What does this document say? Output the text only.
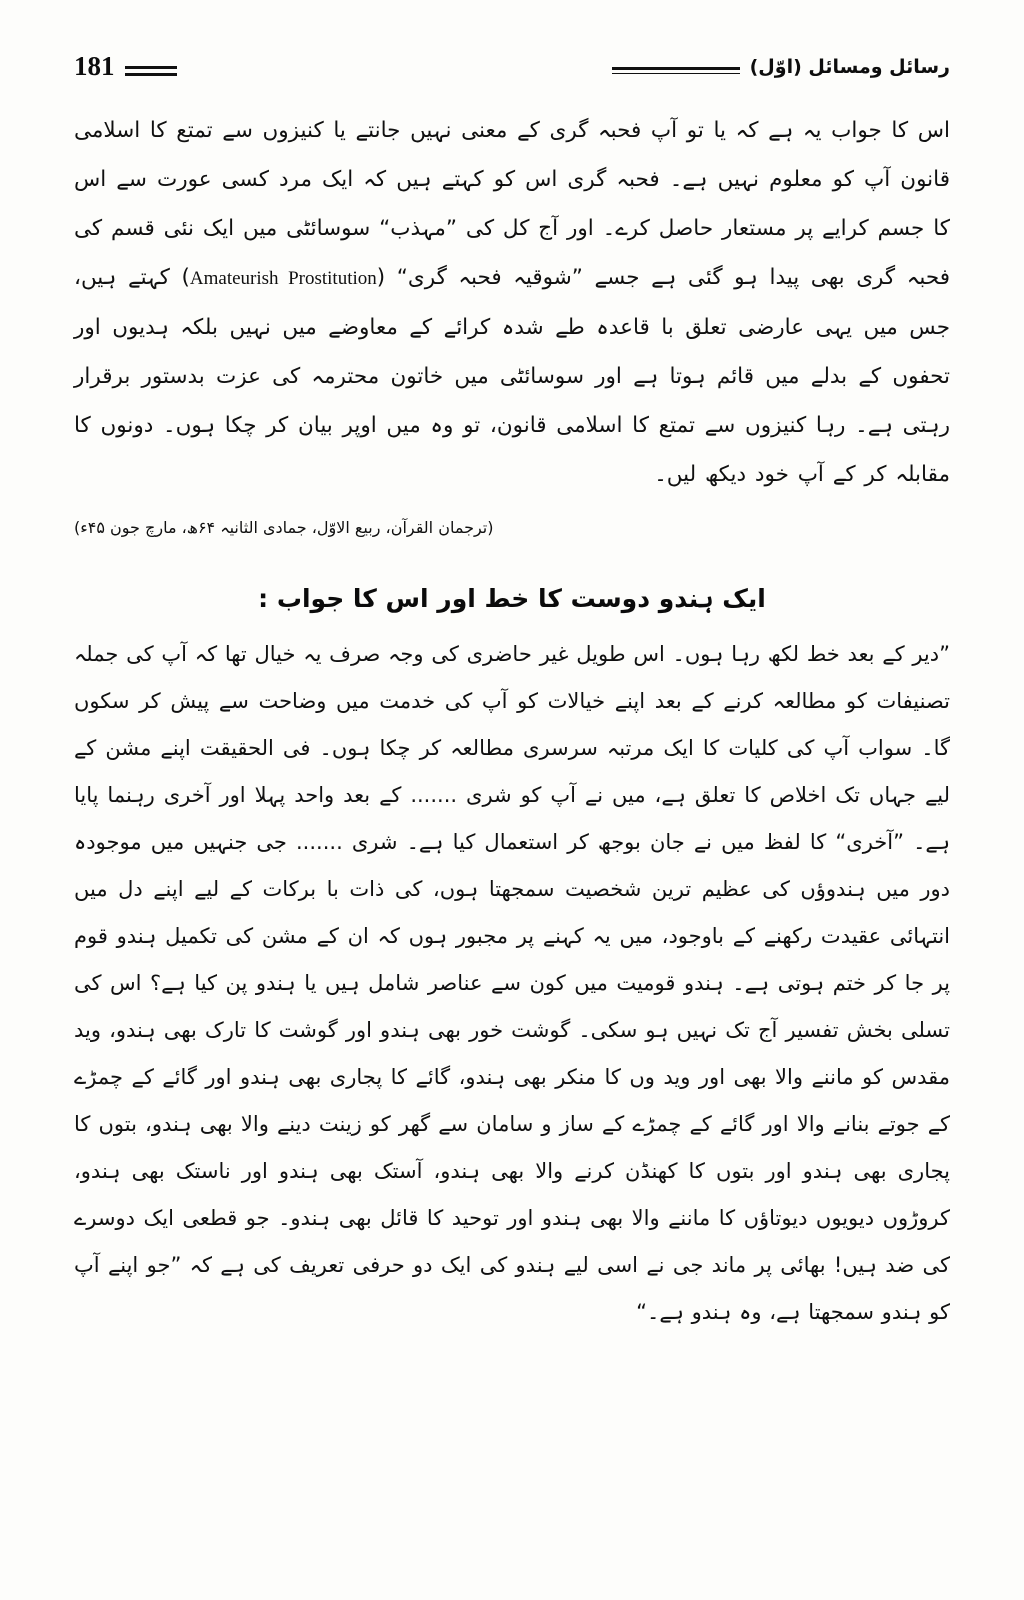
رسائل ومسائل (اوّل)
181

اس کا جواب یہ ہے کہ یا تو آپ فحبہ گری کے معنی نہیں جانتے یا کنیزوں سے تمتع کا اسلامی قانون آپ کو معلوم نہیں ہے۔ فحبہ گری اس کو کہتے ہیں کہ ایک مرد کسی عورت سے اس کا جسم کرایے پر مستعار حاصل کرے۔ اور آج کل کی ”مہذب“ سوسائٹی میں ایک نئی قسم کی فحبہ گری بھی پیدا ہو گئی ہے جسے ”شوقیہ فحبہ گری“ (Amateurish Prostitution) کہتے ہیں، جس میں یہی عارضی تعلق با قاعدہ طے شدہ کرائے کے معاوضے میں نہیں بلکہ ہدیوں اور تحفوں کے بدلے میں قائم ہوتا ہے اور سوسائٹی میں خاتون محترمہ کی عزت بدستور برقرار رہتی ہے۔ رہا کنیزوں سے تمتع کا اسلامی قانون، تو وہ میں اوپر بیان کر چکا ہوں۔ دونوں کا مقابلہ کر کے آپ خود دیکھ لیں۔

(ترجمان القرآن، ربیع الاوّل، جمادی الثانیہ ۶۴ھ، مارچ جون ۴۵ء)
ایک ہندو دوست کا خط اور اس کا جواب :

”دیر کے بعد خط لکھ رہا ہوں۔ اس طویل غیر حاضری کی وجہ صرف یہ خیال تھا کہ آپ کی جملہ تصنیفات کو مطالعہ کرنے کے بعد اپنے خیالات کو آپ کی خدمت میں وضاحت سے پیش کر سکوں گا۔ سواب آپ کی کلیات کا ایک مرتبہ سرسری مطالعہ کر چکا ہوں۔ فی الحقیقت اپنے مشن کے لیے جہاں تک اخلاص کا تعلق ہے، میں نے آپ کو شری ....... کے بعد واحد پہلا اور آخری رہنما پایا ہے۔ ”آخری“ کا لفظ میں نے جان بوجھ کر استعمال کیا ہے۔ شری ....... جی جنہیں میں موجودہ دور میں ہندوؤں کی عظیم ترین شخصیت سمجھتا ہوں، کی ذات با برکات کے لیے اپنے دل میں انتہائی عقیدت رکھنے کے باوجود، میں یہ کہنے پر مجبور ہوں کہ ان کے مشن کی تکمیل ہندو قوم پر جا کر ختم ہوتی ہے۔ ہندو قومیت میں کون سے عناصر شامل ہیں یا ہندو پن کیا ہے؟ اس کی تسلی بخش تفسیر آج تک نہیں ہو سکی۔ گوشت خور بھی ہندو اور گوشت کا تارک بھی ہندو، وید مقدس کو ماننے والا بھی اور وید وں کا منکر بھی ہندو، گائے کا پجاری بھی ہندو اور گائے کے چمڑے کے جوتے بنانے والا اور گائے کے چمڑے کے ساز و سامان سے گھر کو زینت دینے والا بھی ہندو، بتوں کا پجاری بھی ہندو اور بتوں کا کھنڈن کرنے والا بھی ہندو، آستک بھی ہندو اور ناستک بھی ہندو، کروڑوں دیویوں دیوتاؤں کا ماننے والا بھی ہندو اور توحید کا قائل بھی ہندو۔ جو قطعی ایک دوسرے کی ضد ہیں! بھائی پر ماند جی نے اسی لیے ہندو کی ایک دو حرفی تعریف کی ہے کہ ”جو اپنے آپ کو ہندو سمجھتا ہے، وہ ہندو ہے۔“
